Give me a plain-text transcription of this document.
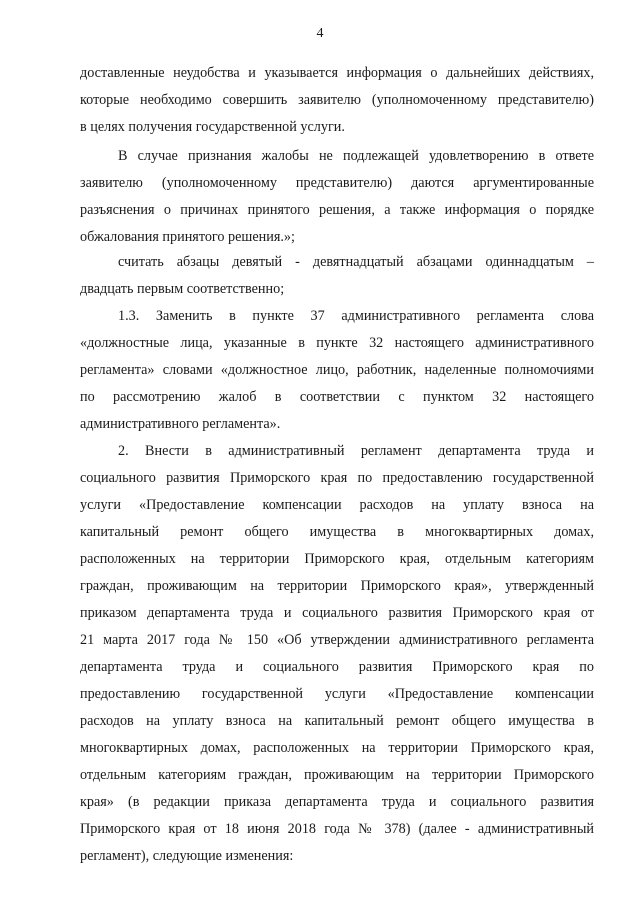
4
доставленные неудобства и указывается информация о дальнейших действиях,
которые необходимо совершить заявителю (уполномоченному представителю)
в целях получения государственной услуги.
В случае признания жалобы не подлежащей удовлетворению в ответе
заявителю (уполномоченному представителю) даются аргументированные
разъяснения о причинах принятого решения, а также информация о порядке
обжалования принятого решения.»;
считать абзацы девятый - девятнадцатый абзацами одиннадцатым –
двадцать первым соответственно;
1.3. Заменить в пункте 37 административного регламента слова
«должностные лица, указанные в пункте 32 настоящего административного
регламента» словами «должностное лицо, работник, наделенные полномочиями
по рассмотрению жалоб в соответствии с пунктом 32 настоящего
административного регламента».
2. Внести в административный регламент департамента труда и
социального развития Приморского края по предоставлению государственной
услуги «Предоставление компенсации расходов на уплату взноса на
капитальный ремонт общего имущества в многоквартирных домах,
расположенных на территории Приморского края, отдельным категориям
граждан, проживающим на территории Приморского края», утвержденный
приказом департамента труда и социального развития Приморского края от
21 марта 2017 года № 150 «Об утверждении административного регламента
департамента труда и социального развития Приморского края по
предоставлению государственной услуги «Предоставление компенсации
расходов на уплату взноса на капитальный ремонт общего имущества в
многоквартирных домах, расположенных на территории Приморского края,
отдельным категориям граждан, проживающим на территории Приморского
края» (в редакции приказа департамента труда и социального развития
Приморского края от 18 июня 2018 года № 378) (далее - административный
регламент), следующие изменения:
